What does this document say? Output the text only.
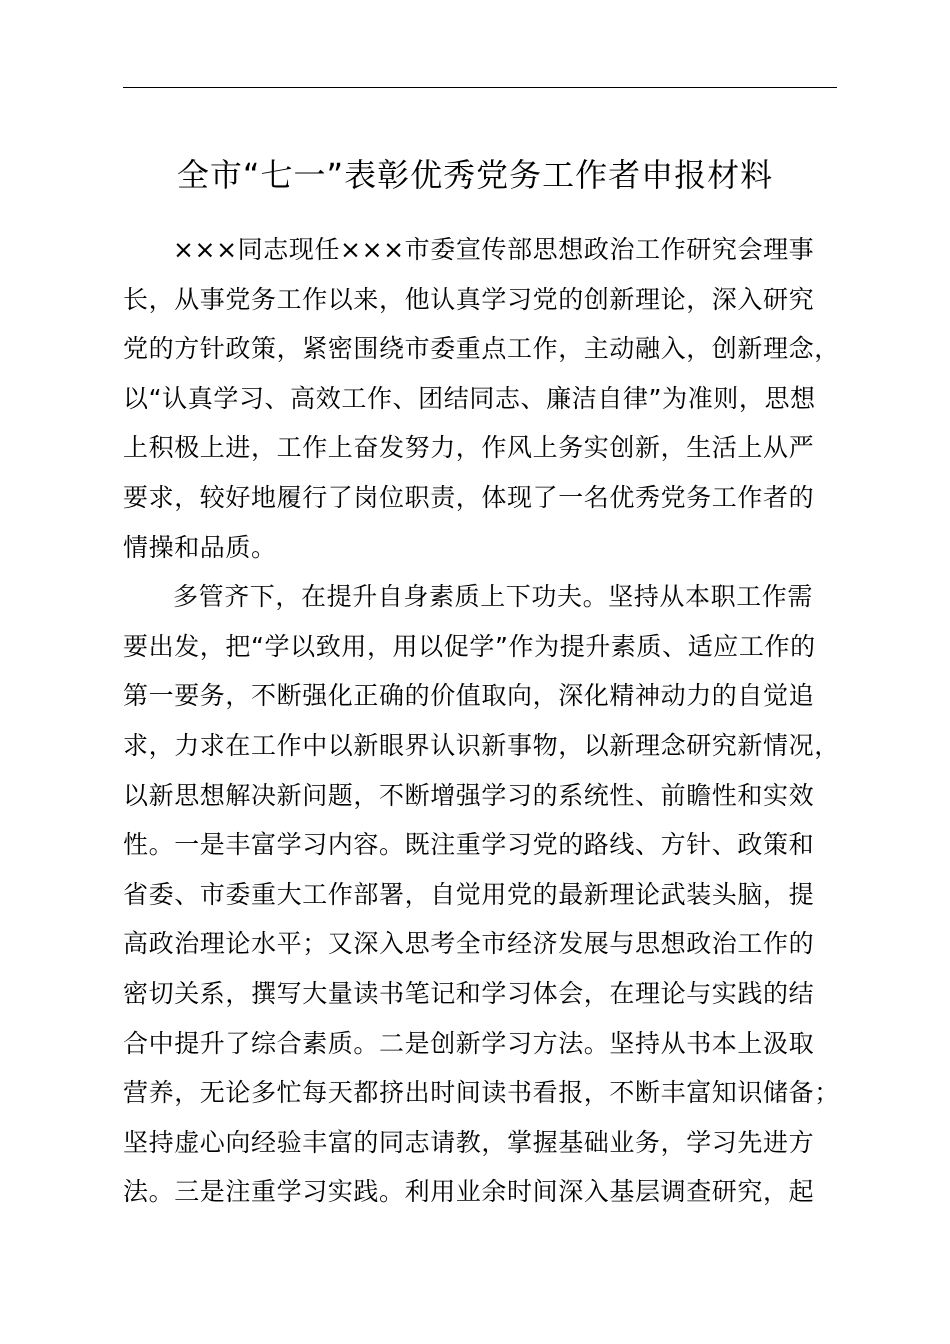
全市“七一”表彰优秀党务工作者申报材料
×××同志现任×××市委宣传部思想政治工作研究会理事
长，从事党务工作以来，他认真学习党的创新理论，深入研究
党的方针政策，紧密围绕市委重点工作，主动融入，创新理念，
以“认真学习、高效工作、团结同志、廉洁自律”为准则，思想
上积极上进，工作上奋发努力，作风上务实创新，生活上从严
要求，较好地履行了岗位职责，体现了一名优秀党务工作者的
情操和品质。
多管齐下，在提升自身素质上下功夫。坚持从本职工作需
要出发，把“学以致用，用以促学”作为提升素质、适应工作的
第一要务，不断强化正确的价值取向，深化精神动力的自觉追
求，力求在工作中以新眼界认识新事物，以新理念研究新情况，
以新思想解决新问题，不断增强学习的系统性、前瞻性和实效
性。一是丰富学习内容。既注重学习党的路线、方针、政策和
省委、市委重大工作部署，自觉用党的最新理论武装头脑，提
高政治理论水平；又深入思考全市经济发展与思想政治工作的
密切关系，撰写大量读书笔记和学习体会，在理论与实践的结
合中提升了综合素质。二是创新学习方法。坚持从书本上汲取
营养，无论多忙每天都挤出时间读书看报，不断丰富知识储备；
坚持虚心向经验丰富的同志请教，掌握基础业务，学习先进方
法。三是注重学习实践。利用业余时间深入基层调查研究，起
